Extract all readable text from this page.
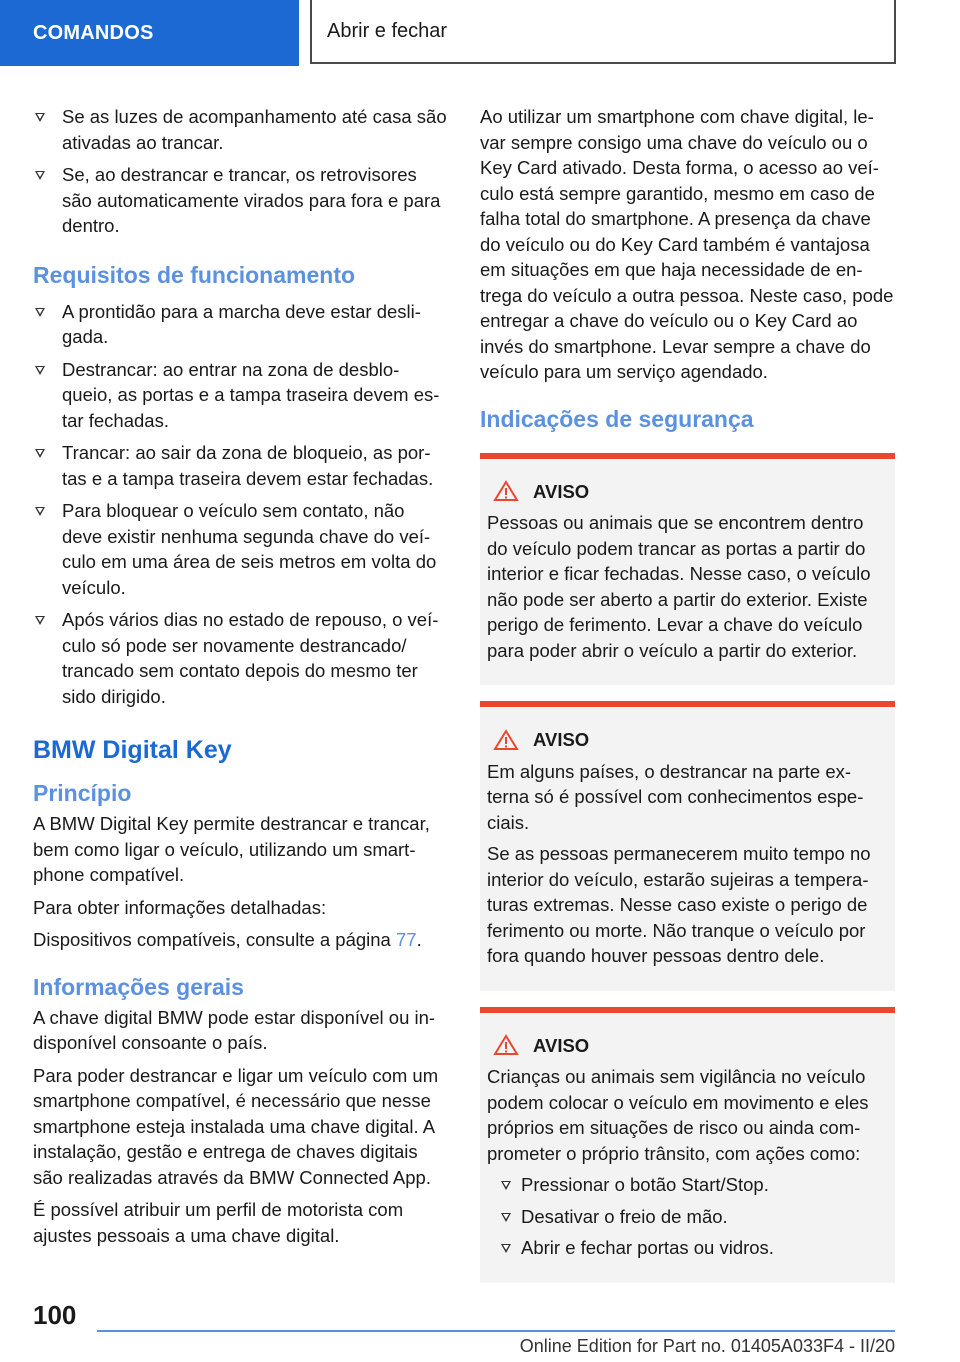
COMANDOS	Abrir e fechar
Se as luzes de acompanhamento até casa são ativadas ao trancar.
Se, ao destrancar e trancar, os retrovisores são automaticamente virados para fora e para dentro.
Requisitos de funcionamento
A prontidão para a marcha deve estar desli-gada.
Destrancar: ao entrar na zona de desblo-queio, as portas e a tampa traseira devem es-tar fechadas.
Trancar: ao sair da zona de bloqueio, as por-tas e a tampa traseira devem estar fechadas.
Para bloquear o veículo sem contato, não deve existir nenhuma segunda chave do veí-culo em uma área de seis metros em volta do veículo.
Após vários dias no estado de repouso, o veí-culo só pode ser novamente destrancado/ trancado sem contato depois do mesmo ter sido dirigido.
BMW Digital Key
Princípio

A BMW Digital Key permite destrancar e trancar, bem como ligar o veículo, utilizando um smart-phone compatível.

Para obter informações detalhadas:

Dispositivos compatíveis, consulte a página 77.

Informações gerais

A chave digital BMW pode estar disponível ou in-disponível consoante o país.

Para poder destrancar e ligar um veículo com um smartphone compatível, é necessário que nesse smartphone esteja instalada uma chave digital. A instalação, gestão e entrega de chaves digitais são realizadas através da BMW Connected App.

É possível atribuir um perfil de motorista com ajustes pessoais a uma chave digital.

Ao utilizar um smartphone com chave digital, le-var sempre consigo uma chave do veículo ou o Key Card ativado. Desta forma, o acesso ao veí-culo está sempre garantido, mesmo em caso de falha total do smartphone. A presença da chave do veículo ou do Key Card também é vantajosa em situações em que haja necessidade de en-trega do veículo a outra pessoa. Neste caso, pode entregar a chave do veículo ou o Key Card ao invés do smartphone. Levar sempre a chave do veículo para um serviço agendado.

Indicações de segurança
AVISO

Pessoas ou animais que se encontrem dentro do veículo podem trancar as portas a partir do interior e ficar fechadas. Nesse caso, o veículo não pode ser aberto a partir do exterior. Existe perigo de ferimento. Levar a chave do veículo para poder abrir o veículo a partir do exterior.

AVISO

Em alguns países, o destrancar na parte ex-terna só é possível com conhecimentos espe-ciais.

Se as pessoas permanecerem muito tempo no interior do veículo, estarão sujeiras a tempera-turas extremas. Nesse caso existe o perigo de ferimento ou morte. Não tranque o veículo por fora quando houver pessoas dentro dele.

AVISO

Crianças ou animais sem vigilância no veículo podem colocar o veículo em movimento e eles próprios em situações de risco ou ainda com-prometer o próprio trânsito, com ações como:

Pressionar o botão Start/Stop.
Desativar o freio de mão.
Abrir e fechar portas ou vidros.
100
Online Edition for Part no. 01405A033F4 - II/20
